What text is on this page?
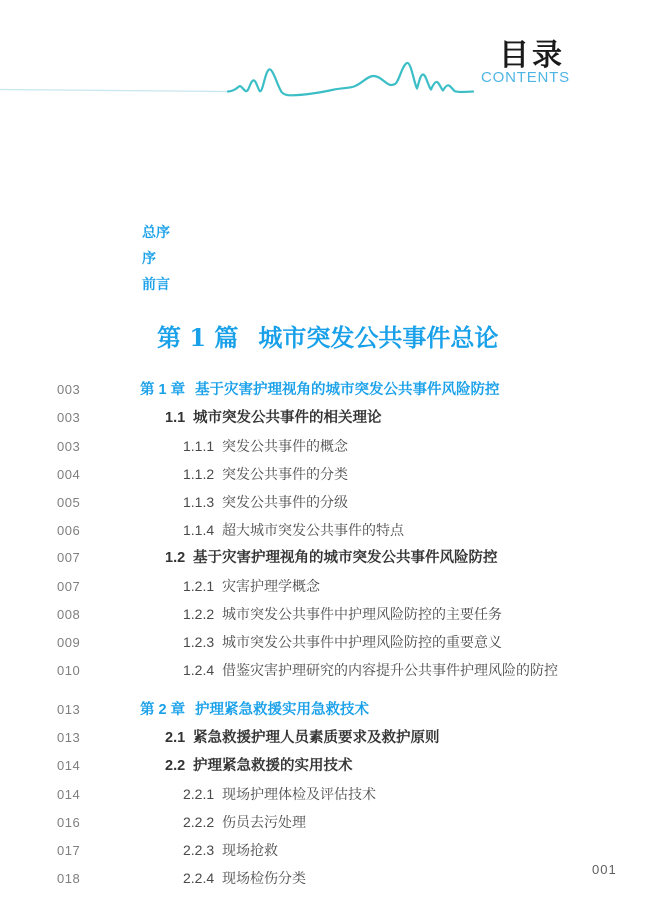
目录
CONTENTS
总序
序
前言
第 1 篇 城市突发公共事件总论
003	第 1 章 基于灾害护理视角的城市突发公共事件风险防控
003	1.1 城市突发公共事件的相关理论
003	1.1.1 突发公共事件的概念
004	1.1.2 突发公共事件的分类
005	1.1.3 突发公共事件的分级
006	1.1.4 超大城市突发公共事件的特点
007	1.2 基于灾害护理视角的城市突发公共事件风险防控
007	1.2.1 灾害护理学概念
008	1.2.2 城市突发公共事件中护理风险防控的主要任务
009	1.2.3 城市突发公共事件中护理风险防控的重要意义
010	1.2.4 借鉴灾害护理研究的内容提升公共事件护理风险的防控
013	第 2 章 护理紧急救援实用急救技术
013	2.1 紧急救援护理人员素质要求及救护原则
014	2.2 护理紧急救援的实用技术
014	2.2.1 现场护理体检及评估技术
016	2.2.2 伤员去污处理
017	2.2.3 现场抢救
018	2.2.4 现场检伤分类
001
